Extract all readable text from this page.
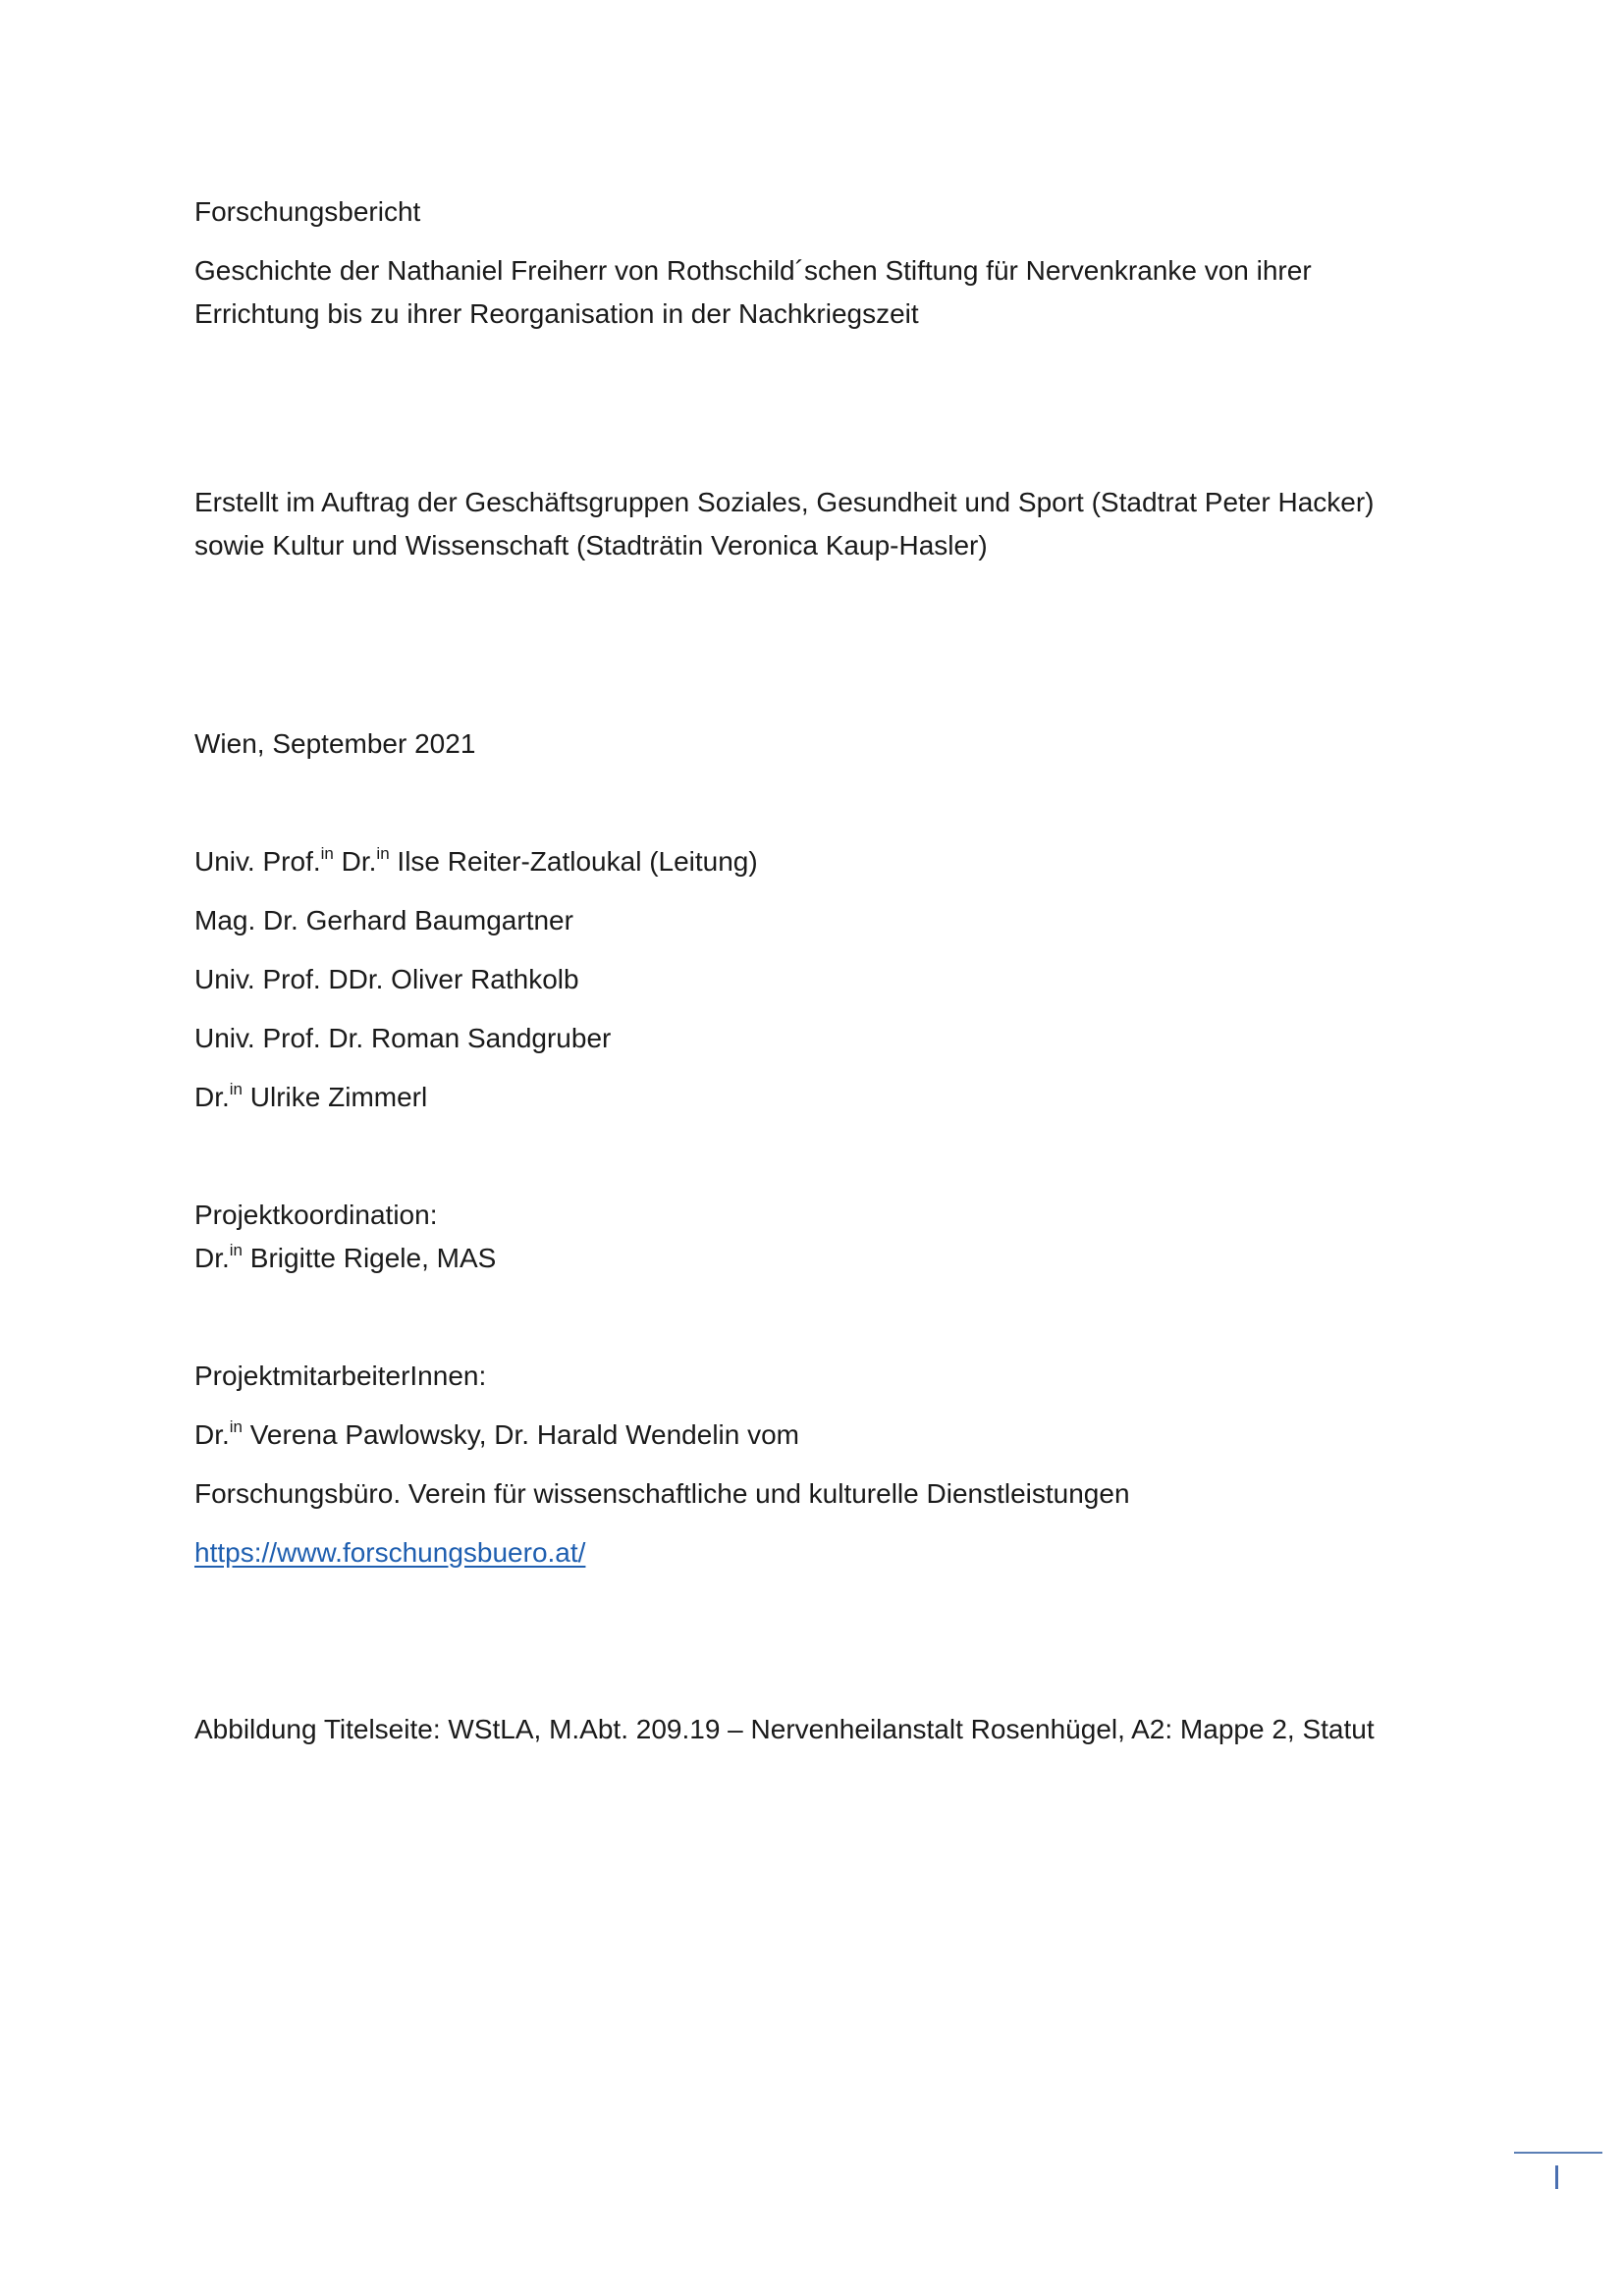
Forschungsbericht
Geschichte der Nathaniel Freiherr von Rothschild´schen Stiftung für Nervenkranke von ihrer
Errichtung bis zu ihrer Reorganisation in der Nachkriegszeit
Erstellt im Auftrag der Geschäftsgruppen Soziales, Gesundheit und Sport (Stadtrat Peter Hacker)
sowie Kultur und Wissenschaft (Stadträtin Veronica Kaup-Hasler)
Wien, September 2021
Univ. Prof.$^{in}$ Dr.$^{in}$ Ilse Reiter-Zatloukal (Leitung)
Mag. Dr. Gerhard Baumgartner
Univ. Prof. DDr. Oliver Rathkolb
Univ. Prof. Dr. Roman Sandgruber
Dr.$^{in}$ Ulrike Zimmerl
Projektkoordination:
Dr.$^{in}$ Brigitte Rigele, MAS
ProjektmitarbeiterInnen:
Dr.$^{in}$ Verena Pawlowsky, Dr. Harald Wendelin vom
Forschungsbüro. Verein für wissenschaftliche und kulturelle Dienstleistungen
https://www.forschungsbuero.at/
Abbildung Titelseite: WStLA, M.Abt. 209.19 – Nervenheilanstalt Rosenhügel, A2: Mappe 2, Statut
